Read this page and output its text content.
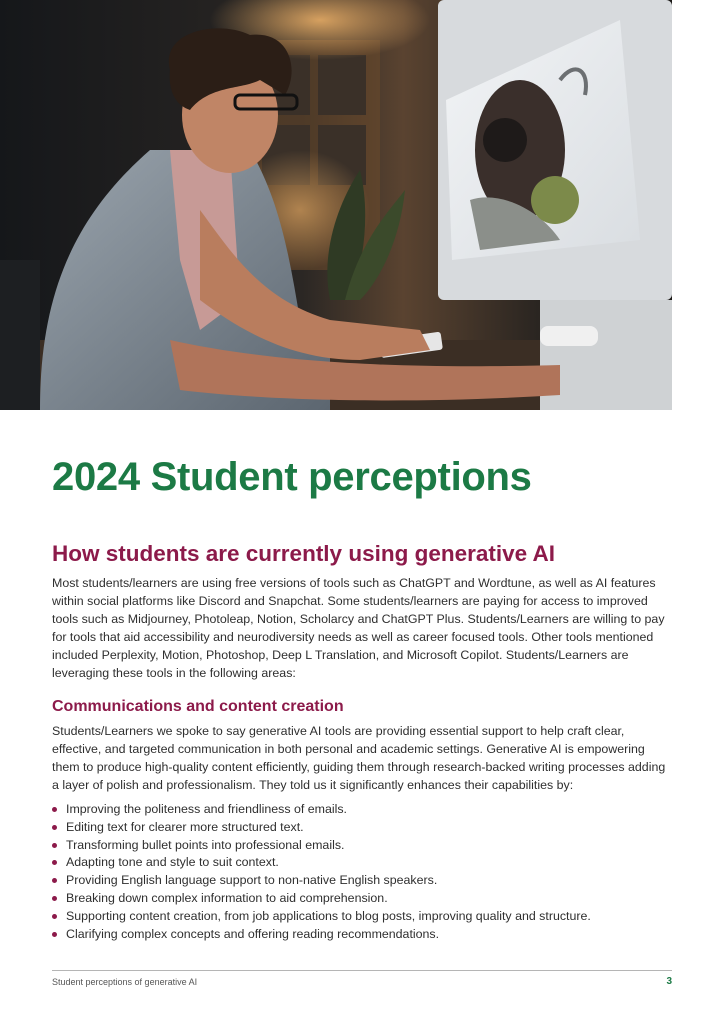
2024 Student perceptions
How students are currently using generative AI

Most students/learners are using free versions of tools such as ChatGPT and Wordtune, as well as AI features within social platforms like Discord and Snapchat. Some students/learners are paying for access to improved tools such as Midjourney, Photoleap, Notion, Scholarcy and ChatGPT Plus. Students/Learners are willing to pay for tools that aid accessibility and neurodiversity needs as well as career focused tools. Other tools mentioned included Perplexity, Motion, Photoshop, Deep L Translation, and Microsoft Copilot. Students/Learners are leveraging these tools in the following areas:

Communications and content creation

Students/Learners we spoke to say generative AI tools are providing essential support to help craft clear, effective, and targeted communication in both personal and academic settings. Generative AI is empowering them to produce high-quality content efficiently, guiding them through research-backed writing processes adding a layer of polish and professionalism. They told us it significantly enhances their capabilities by:

Improving the politeness and friendliness of emails.
Editing text for clearer more structured text.
Transforming bullet points into professional emails.
Adapting tone and style to suit context.
Providing English language support to non-native English speakers.
Breaking down complex information to aid comprehension.
Supporting content creation, from job applications to blog posts, improving quality and structure.
Clarifying complex concepts and offering reading recommendations.
Student perceptions of generative AI	3
